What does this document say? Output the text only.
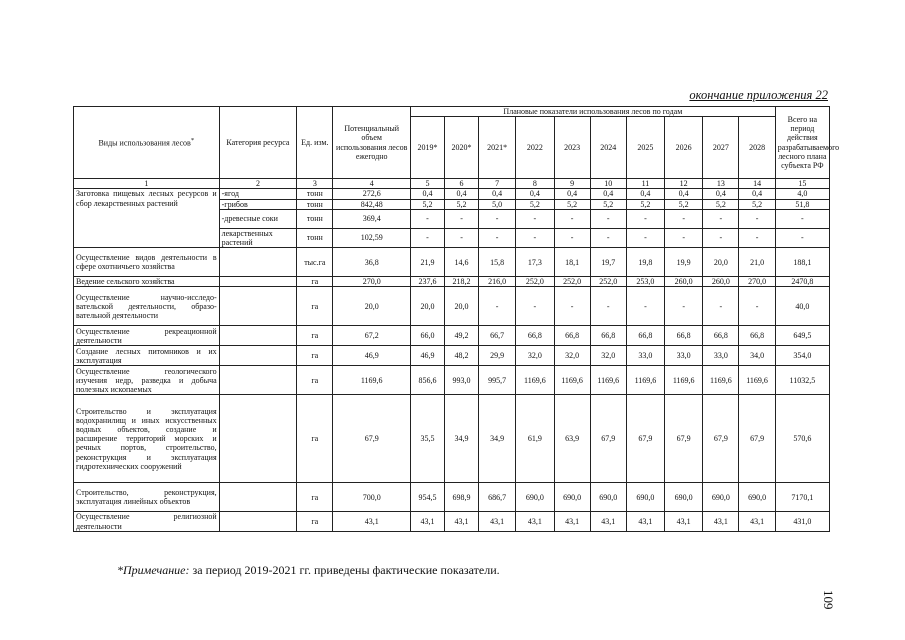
окончание приложения 22
Виды использования лесов*	Категория ресурса	Ед. изм.	Потенциальный объем использования лесов ежегодно	Плановые показатели использования лесов по годам										Всего на период действия разрабатываемого лесного плана субъекта РФ
				2019*	2020*	2021*	2022	2023	2024	2025	2026	2027	2028	
1	2	3	4	5	6	7	8	9	10	11	12	13	14	15
Заготовка пищевых лесных ресурсов и сбор лекарственных растений	-ягод	тонн	272,6	0,4	0,4	0,4	0,4	0,4	0,4	0,4	0,4	0,4	0,4	4,0
	-грибов	тонн	842,48	5,2	5,2	5,0	5,2	5,2	5,2	5,2	5,2	5,2	5,2	51,8
	-древесные соки	тонн	369,4	-	-	-	-	-	-	-	-	-	-	-
	лекарственных растений	тонн	102,59	-	-	-	-	-	-	-	-	-	-	-
Осуществление видов деятельности в сфере охотничьего хозяйства		тыс.га	36,8	21,9	14,6	15,8	17,3	18,1	19,7	19,8	19,9	20,0	21,0	188,1
Ведение сельского хозяйства		га	270,0	237,6	218,2	216,0	252,0	252,0	252,0	253,0	260,0	260,0	270,0	2470,8
Осуществление научно-исследо-вательской деятельности, образо-вательной деятельности		га	20,0	20,0	20,0	-	-	-	-	-	-	-	-	40,0
Осуществление рекреационной деятельности		га	67,2	66,0	49,2	66,7	66,8	66,8	66,8	66,8	66,8	66,8	66,8	649,5
Создание лесных питомников и их эксплуатация		га	46,9	46,9	48,2	29,9	32,0	32,0	32,0	33,0	33,0	33,0	34,0	354,0
Осуществление геологического изучения недр, разведка и добыча полезных ископаемых		га	1169,6	856,6	993,0	995,7	1169,6	1169,6	1169,6	1169,6	1169,6	1169,6	1169,6	11032,5
Строительство и эксплуатация водохранилищ и иных искусственных водных объектов, создание и расширение территорий морских и речных портов, строительство, реконструкция и эксплуатация гидротехнических сооружений		га	67,9	35,5	34,9	34,9	61,9	63,9	67,9	67,9	67,9	67,9	67,9	570,6
Строительство, реконструкция, эксплуатация линейных объектов		га	700,0	954,5	698,9	686,7	690,0	690,0	690,0	690,0	690,0	690,0	690,0	7170,1
Осуществление религиозной деятельности		га	43,1	43,1	43,1	43,1	43,1	43,1	43,1	43,1	43,1	43,1	43,1	431,0
*Примечание: за период 2019-2021 гг. приведены фактические показатели.
109
